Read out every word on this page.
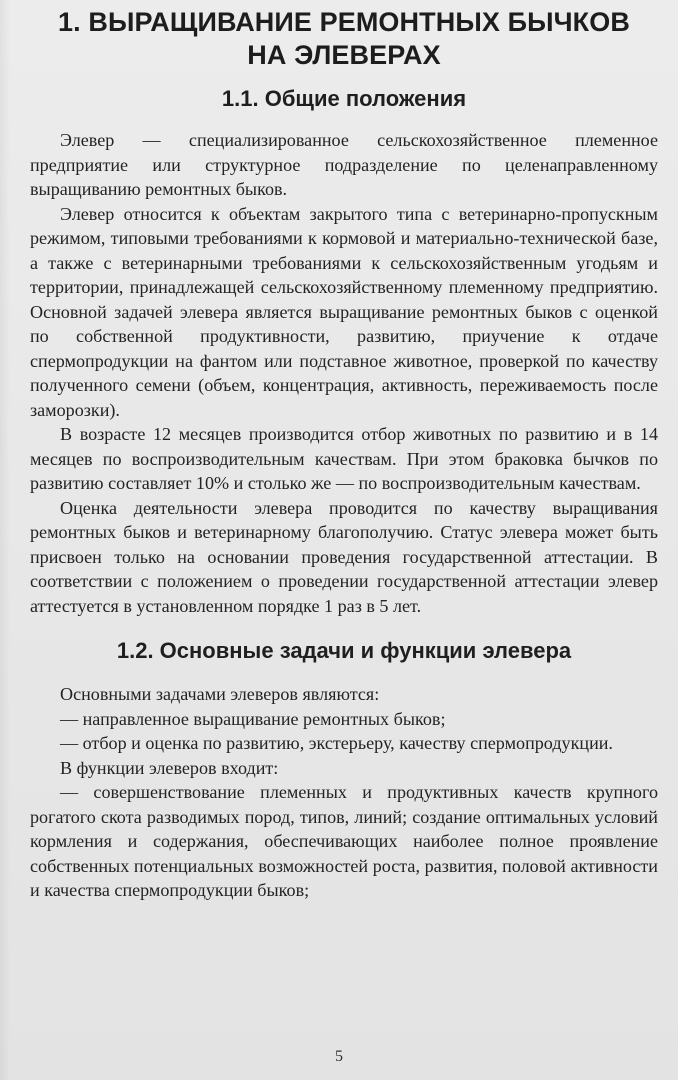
1. ВЫРАЩИВАНИЕ РЕМОНТНЫХ БЫЧКОВ
НА ЭЛЕВЕРАХ
1.1. Общие положения

Элевер — специализированное сельскохозяйственное племенное предприятие или структурное подразделение по целенаправленному выращиванию ремонтных быков.

Элевер относится к объектам закрытого типа с ветеринарно-пропускным режимом, типовыми требованиями к кормовой и материально-технической базе, а также с ветеринарными требованиями к сельскохозяйственным угодьям и территории, принадлежащей сельскохозяйственному племенному предприятию. Основной задачей элевера является выращивание ремонтных быков с оценкой по собственной продуктивности, развитию, приучение к отдаче спермопродукции на фантом или подставное животное, проверкой по качеству полученного семени (объем, концентрация, активность, переживаемость после заморозки).

В возрасте 12 месяцев производится отбор животных по развитию и в 14 месяцев по воспроизводительным качествам. При этом браковка бычков по развитию составляет 10% и столько же — по воспроизводительным качествам.

Оценка деятельности элевера проводится по качеству выращивания ремонтных быков и ветеринарному благополучию. Статус элевера может быть присвоен только на основании проведения государственной аттестации. В соответствии с положением о проведении государственной аттестации элевер аттестуется в установленном порядке 1 раз в 5 лет.

1.2. Основные задачи и функции элевера

Основными задачами элеверов являются:

— направленное выращивание ремонтных быков;

— отбор и оценка по развитию, экстерьеру, качеству спермопродукции.

В функции элеверов входит:

— совершенствование племенных и продуктивных качеств крупного рогатого скота разводимых пород, типов, линий; создание оптимальных условий кормления и содержания, обеспечивающих наиболее полное проявление собственных потенциальных возможностей роста, развития, половой активности и качества спермопродукции быков;

5
